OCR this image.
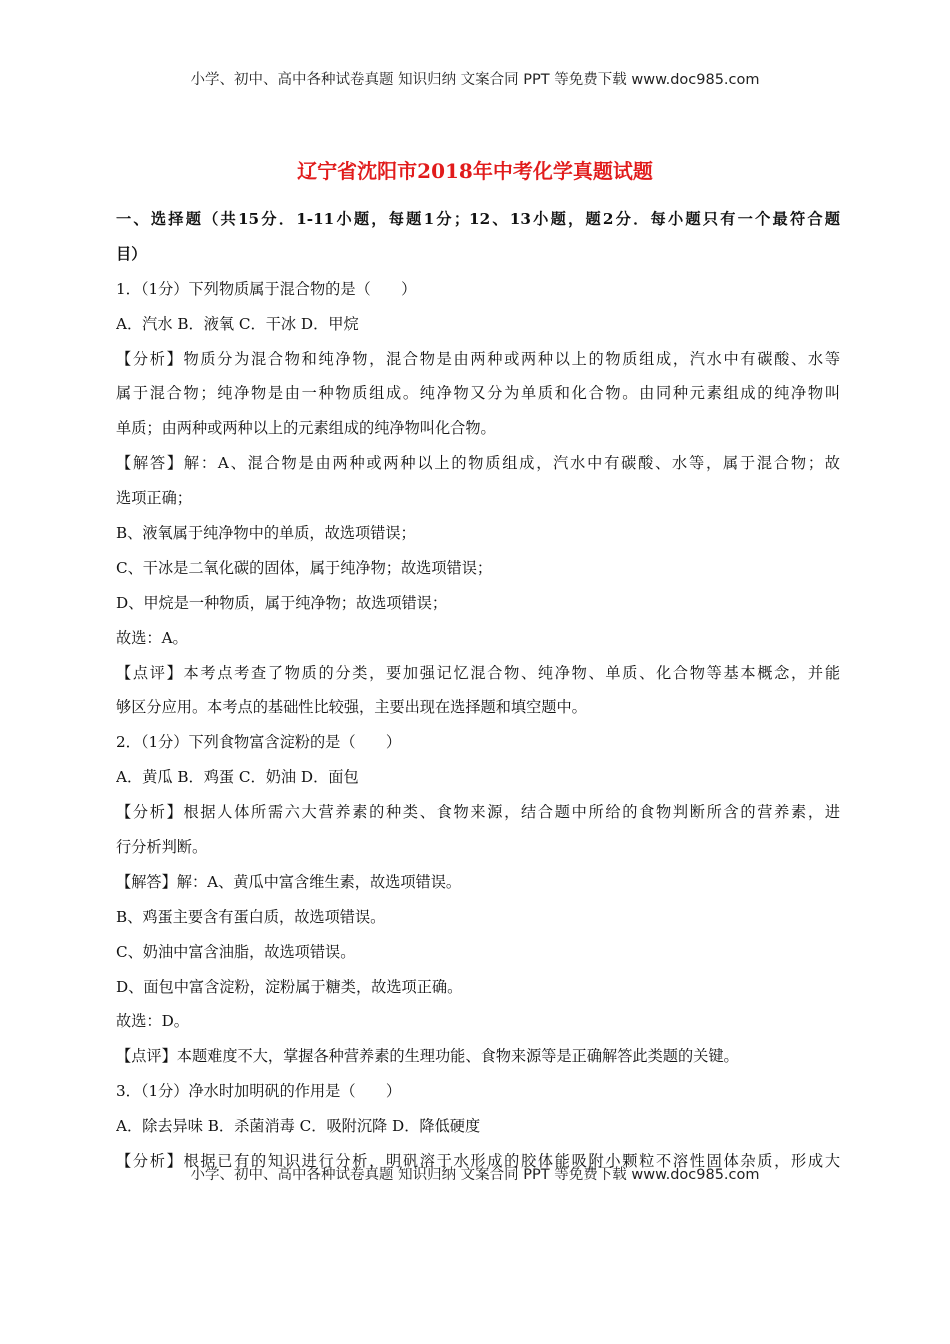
小学、初中、高中各种试卷真题 知识归纳 文案合同 PPT 等免费下载 www.doc985.com
辽宁省沈阳市2018年中考化学真题试题
一、选择题（共15分．1-11小题，每题1分；12、13小题，题2分．每小题只有一个最符合题
目）
1．（1分）下列物质属于混合物的是（　　）
A．汽水 B．液氧 C．干冰 D．甲烷
【分析】物质分为混合物和纯净物，混合物是由两种或两种以上的物质组成，汽水中有碳酸、水等
属于混合物；纯净物是由一种物质组成。纯净物又分为单质和化合物。由同种元素组成的纯净物叫
单质；由两种或两种以上的元素组成的纯净物叫化合物。
【解答】解：A、混合物是由两种或两种以上的物质组成，汽水中有碳酸、水等，属于混合物；故
选项正确；
B、液氧属于纯净物中的单质，故选项错误；
C、干冰是二氧化碳的固体，属于纯净物；故选项错误；
D、甲烷是一种物质，属于纯净物；故选项错误；
故选：A。
【点评】本考点考查了物质的分类，要加强记忆混合物、纯净物、单质、化合物等基本概念，并能
够区分应用。本考点的基础性比较强，主要出现在选择题和填空题中。
2．（1分）下列食物富含淀粉的是（　　）
A．黄瓜 B．鸡蛋 C．奶油 D．面包
【分析】根据人体所需六大营养素的种类、食物来源，结合题中所给的食物判断所含的营养素，进
行分析判断。
【解答】解：A、黄瓜中富含维生素，故选项错误。
B、鸡蛋主要含有蛋白质，故选项错误。
C、奶油中富含油脂，故选项错误。
D、面包中富含淀粉，淀粉属于糖类，故选项正确。
故选：D。
【点评】本题难度不大，掌握各种营养素的生理功能、食物来源等是正确解答此类题的关键。
3．（1分）净水时加明矾的作用是（　　）
A．除去异味 B．杀菌消毒 C．吸附沉降 D．降低硬度
【分析】根据已有的知识进行分析，明矾溶于水形成的胶体能吸附小颗粒不溶性固体杂质，形成大
小学、初中、高中各种试卷真题 知识归纳 文案合同 PPT 等免费下载 www.doc985.com
